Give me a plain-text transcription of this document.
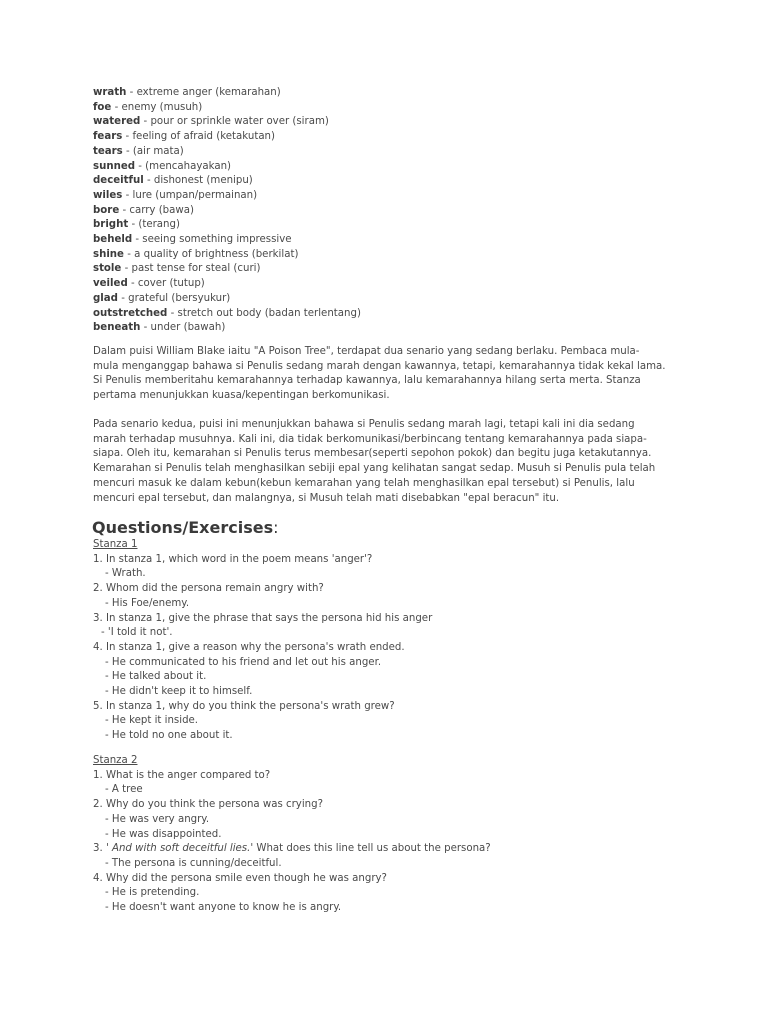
wrath - extreme anger (kemarahan)
foe - enemy (musuh)
watered - pour or sprinkle water over (siram)
fears - feeling of afraid (ketakutan)
tears - (air mata)
sunned - (mencahayakan)
deceitful - dishonest (menipu)
wiles - lure (umpan/permainan)
bore - carry (bawa)
bright - (terang)
beheld - seeing something impressive
shine - a quality of brightness (berkilat)
stole - past tense for steal (curi)
veiled - cover (tutup)
glad - grateful (bersyukur)
outstretched - stretch out body (badan terlentang)
beneath - under (bawah)

Dalam puisi William Blake iaitu "A Poison Tree", terdapat dua senario yang sedang berlaku. Pembaca mula-
mula menganggap bahawa si Penulis sedang marah dengan kawannya, tetapi, kemarahannya tidak kekal lama.
Si Penulis memberitahu kemarahannya terhadap kawannya, lalu kemarahannya hilang serta merta. Stanza
pertama menunjukkan kuasa/kepentingan berkomunikasi.

Pada senario kedua, puisi ini menunjukkan bahawa si Penulis sedang marah lagi, tetapi kali ini dia sedang
marah terhadap musuhnya. Kali ini, dia tidak berkomunikasi/berbincang tentang kemarahannya pada siapa-
siapa. Oleh itu, kemarahan si Penulis terus membesar(seperti sepohon pokok) dan begitu juga ketakutannya.
Kemarahan si Penulis telah menghasilkan sebiji epal yang kelihatan sangat sedap. Musuh si Penulis pula telah
mencuri masuk ke dalam kebun(kebun kemarahan yang telah menghasilkan epal tersebut) si Penulis, lalu
mencuri epal tersebut, dan malangnya, si Musuh telah mati disebabkan "epal beracun" itu.

Questions/Exercises:
Stanza 1
1. In stanza 1, which word in the poem means 'anger'?
- Wrath.
2. Whom did the persona remain angry with?
- His Foe/enemy.
3. In stanza 1, give the phrase that says the persona hid his anger
- 'I told it not'.
4. In stanza 1, give a reason why the persona's wrath ended.
- He communicated to his friend and let out his anger.
- He talked about it.
- He didn't keep it to himself.
5. In stanza 1, why do you think the persona's wrath grew?
- He kept it inside.
- He told no one about it.
Stanza 2
1. What is the anger compared to?
- A tree
2. Why do you think the persona was crying?
- He was very angry.
- He was disappointed.
3. ' And with soft deceitful lies.' What does this line tell us about the persona?
- The persona is cunning/deceitful.
4. Why did the persona smile even though he was angry?
- He is pretending.
- He doesn't want anyone to know he is angry.
